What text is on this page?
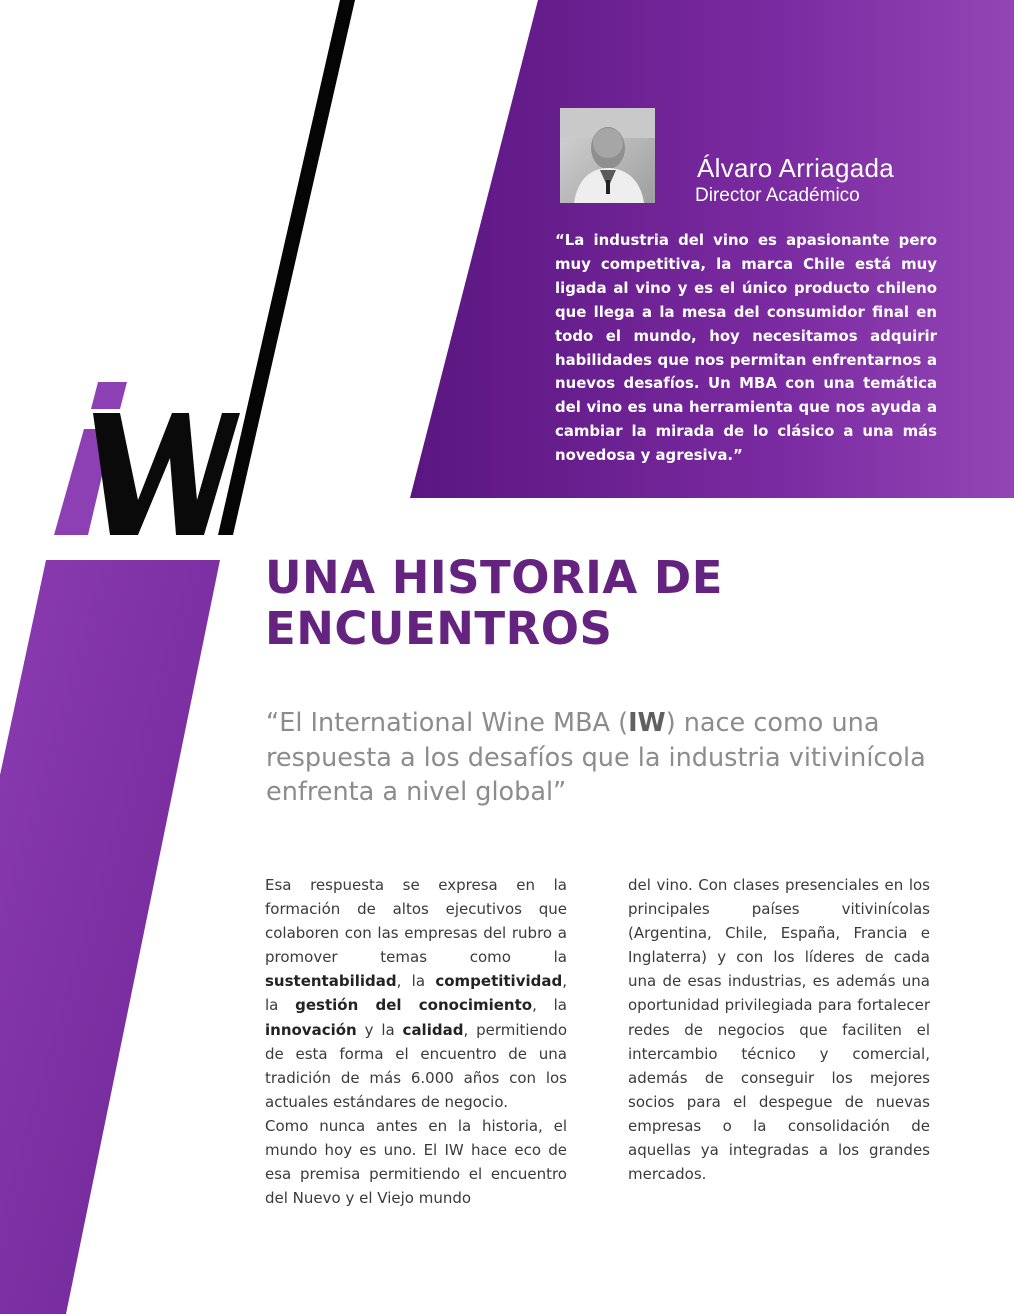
Álvaro Arriagada
Director Académico

“La industria del vino es apasionante pero muy competitiva, la marca Chile está muy ligada al vino y es el único producto chileno que llega a la mesa del consumidor final en todo el mundo, hoy necesitamos adquirir habilidades que nos permitan enfrentarnos a nuevos desafíos. Un MBA con una temática del vino es una herramienta que nos ayuda a cambiar la mirada de lo clásico a una más novedosa y agresiva.”

UNA HISTORIA DE
ENCUENTROS

“El International Wine MBA (IW) nace como una respuesta a los desafíos que la industria vitivinícola enfrenta a nivel global”

Esa respuesta se expresa en la formación de altos ejecutivos que colaboren con las empresas del rubro a promover temas como la sustentabilidad, la competitividad, la gestión del conocimiento, la innovación y la calidad, permitiendo de esta forma el encuentro de una tradición de más 6.000 años con los actuales estándares de negocio.

Como nunca antes en la historia, el mundo hoy es uno. El IW hace eco de esa premisa permitiendo el encuentro del Nuevo y el Viejo mundo

del vino. Con clases presenciales en los principales países vitivinícolas (Argentina, Chile, España, Francia e Inglaterra) y con los líderes de cada una de esas industrias, es además una oportunidad privilegiada para fortalecer redes de negocios que faciliten el intercambio técnico y comercial, además de conseguir los mejores socios para el despegue de nuevas empresas o la consolidación de aquellas ya integradas a los grandes mercados.
